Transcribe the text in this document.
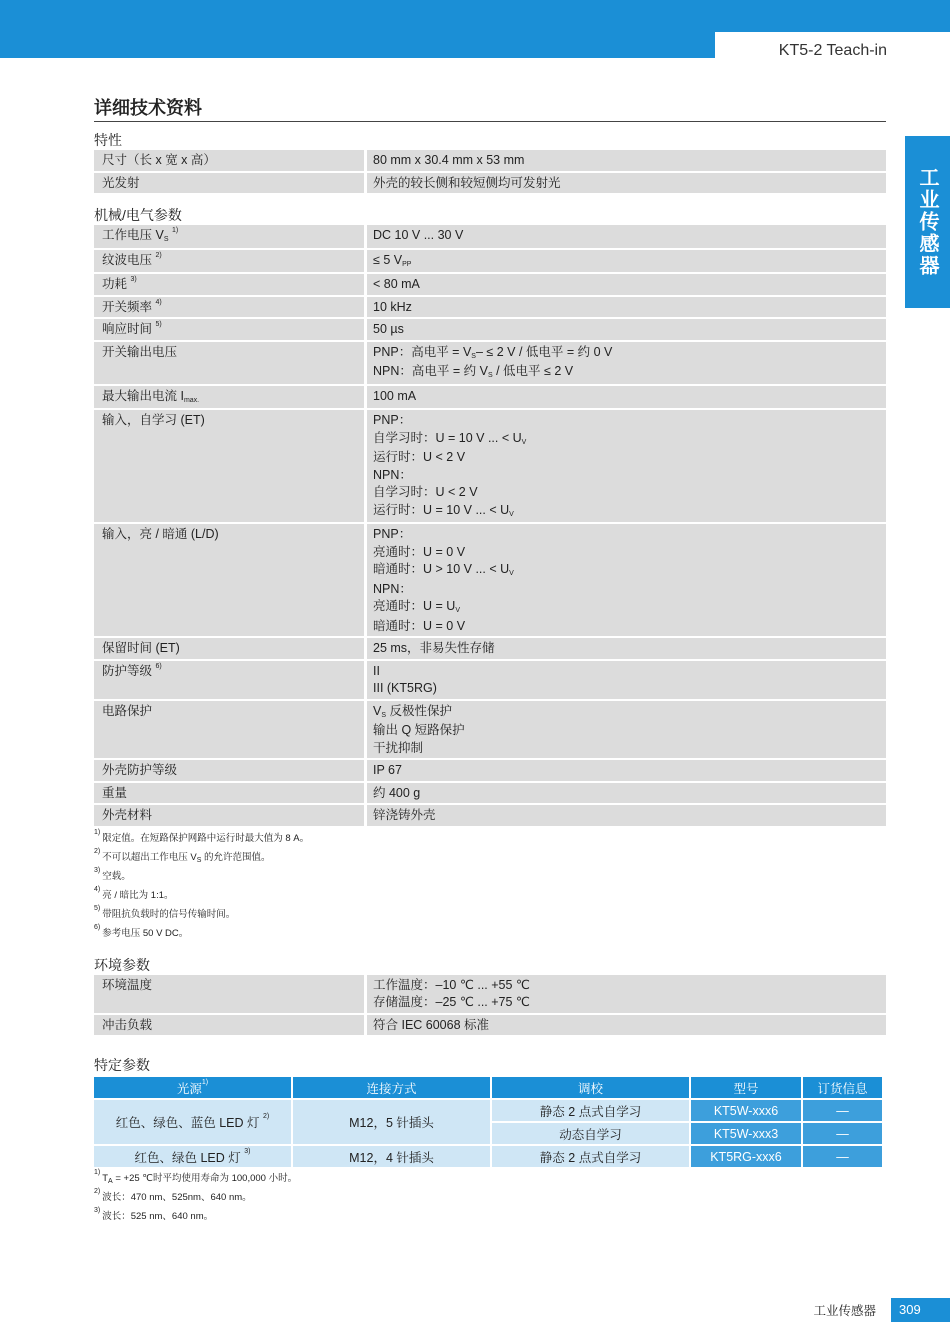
KT5-2 Teach-in
工业传感器
详细技术资料
特性
尺寸（长 x 宽 x 高）	80 mm x 30.4 mm x 53 mm
光发射	外壳的较长侧和较短侧均可发射光
机械/电气参数
工作电压 $V_S$ $^{1)}$	DC 10 V ... 30 V
纹波电压 $^{2)}$	≤ 5 $V_{PP}$
功耗 $^{3)}$	< 80 mA
开关频率 $^{4)}$	10 kHz
响应时间 $^{5)}$	50 µs
开关输出电压	PNP：高电平 = $V_S- \le 2$ V / 低电平 = 约 0 V
NPN：高电平 = 约 $V_S$ / 低电平 ≤ 2 V
最大输出电流 $I_{max.}$	100 mA
输入，自学习 (ET)	PNP：
自学习时：U = 10 V ... < $U_V$
运行时：U < 2 V
NPN：
自学习时：U < 2 V
运行时：U = 10 V ... < $U_V$
输入，亮 / 暗通 (L/D)	PNP：
亮通时：U = 0 V
暗通时：U > 10 V ... < $U_V$
NPN：
亮通时：$U = U_V$
暗通时：U = 0 V
保留时间 (ET)	25 ms，非易失性存储
防护等级 $^{6)}$	II
III (KT5RG)
电路保护	$V_S$ 反极性保护
输出 Q 短路保护
干扰抑制
外壳防护等级	IP 67
重量	约 400 g
外壳材料	锌浇铸外壳
1)
限定值。在短路保护网路中运行时最大值为 8 A。
2)
不可以超出工作电压 $V_S$ 的允许范围值。
3)
空载。
4)
亮 / 暗比为 1:1。
5)
带阻抗负载时的信号传输时间。
6)
参考电压 50 V DC。
环境参数
环境温度	工作温度：–10 ℃ ... +55 ℃
存储温度：–25 ℃ ... +75 ℃
冲击负载	符合 IEC 60068 标准
特定参数
光源$^{1)}$	连接方式	调校	型号	订货信息
红色、绿色、蓝色 LED 灯 $^{2)}$	M12，5 针插头	静态 2 点式自学习	KT5W-xxx6	—
		动态自学习	KT5W-xxx3	—
红色、绿色 LED 灯 $^{3)}$	M12，4 针插头	静态 2 点式自学习	KT5RG-xxx6	—
1)
$T_A = +25$ ℃时平均使用寿命为 100,000 小时。
2)
波长：470 nm、525nm、640 nm。
3)
波长：525 nm、640 nm。
工业传感器	309
